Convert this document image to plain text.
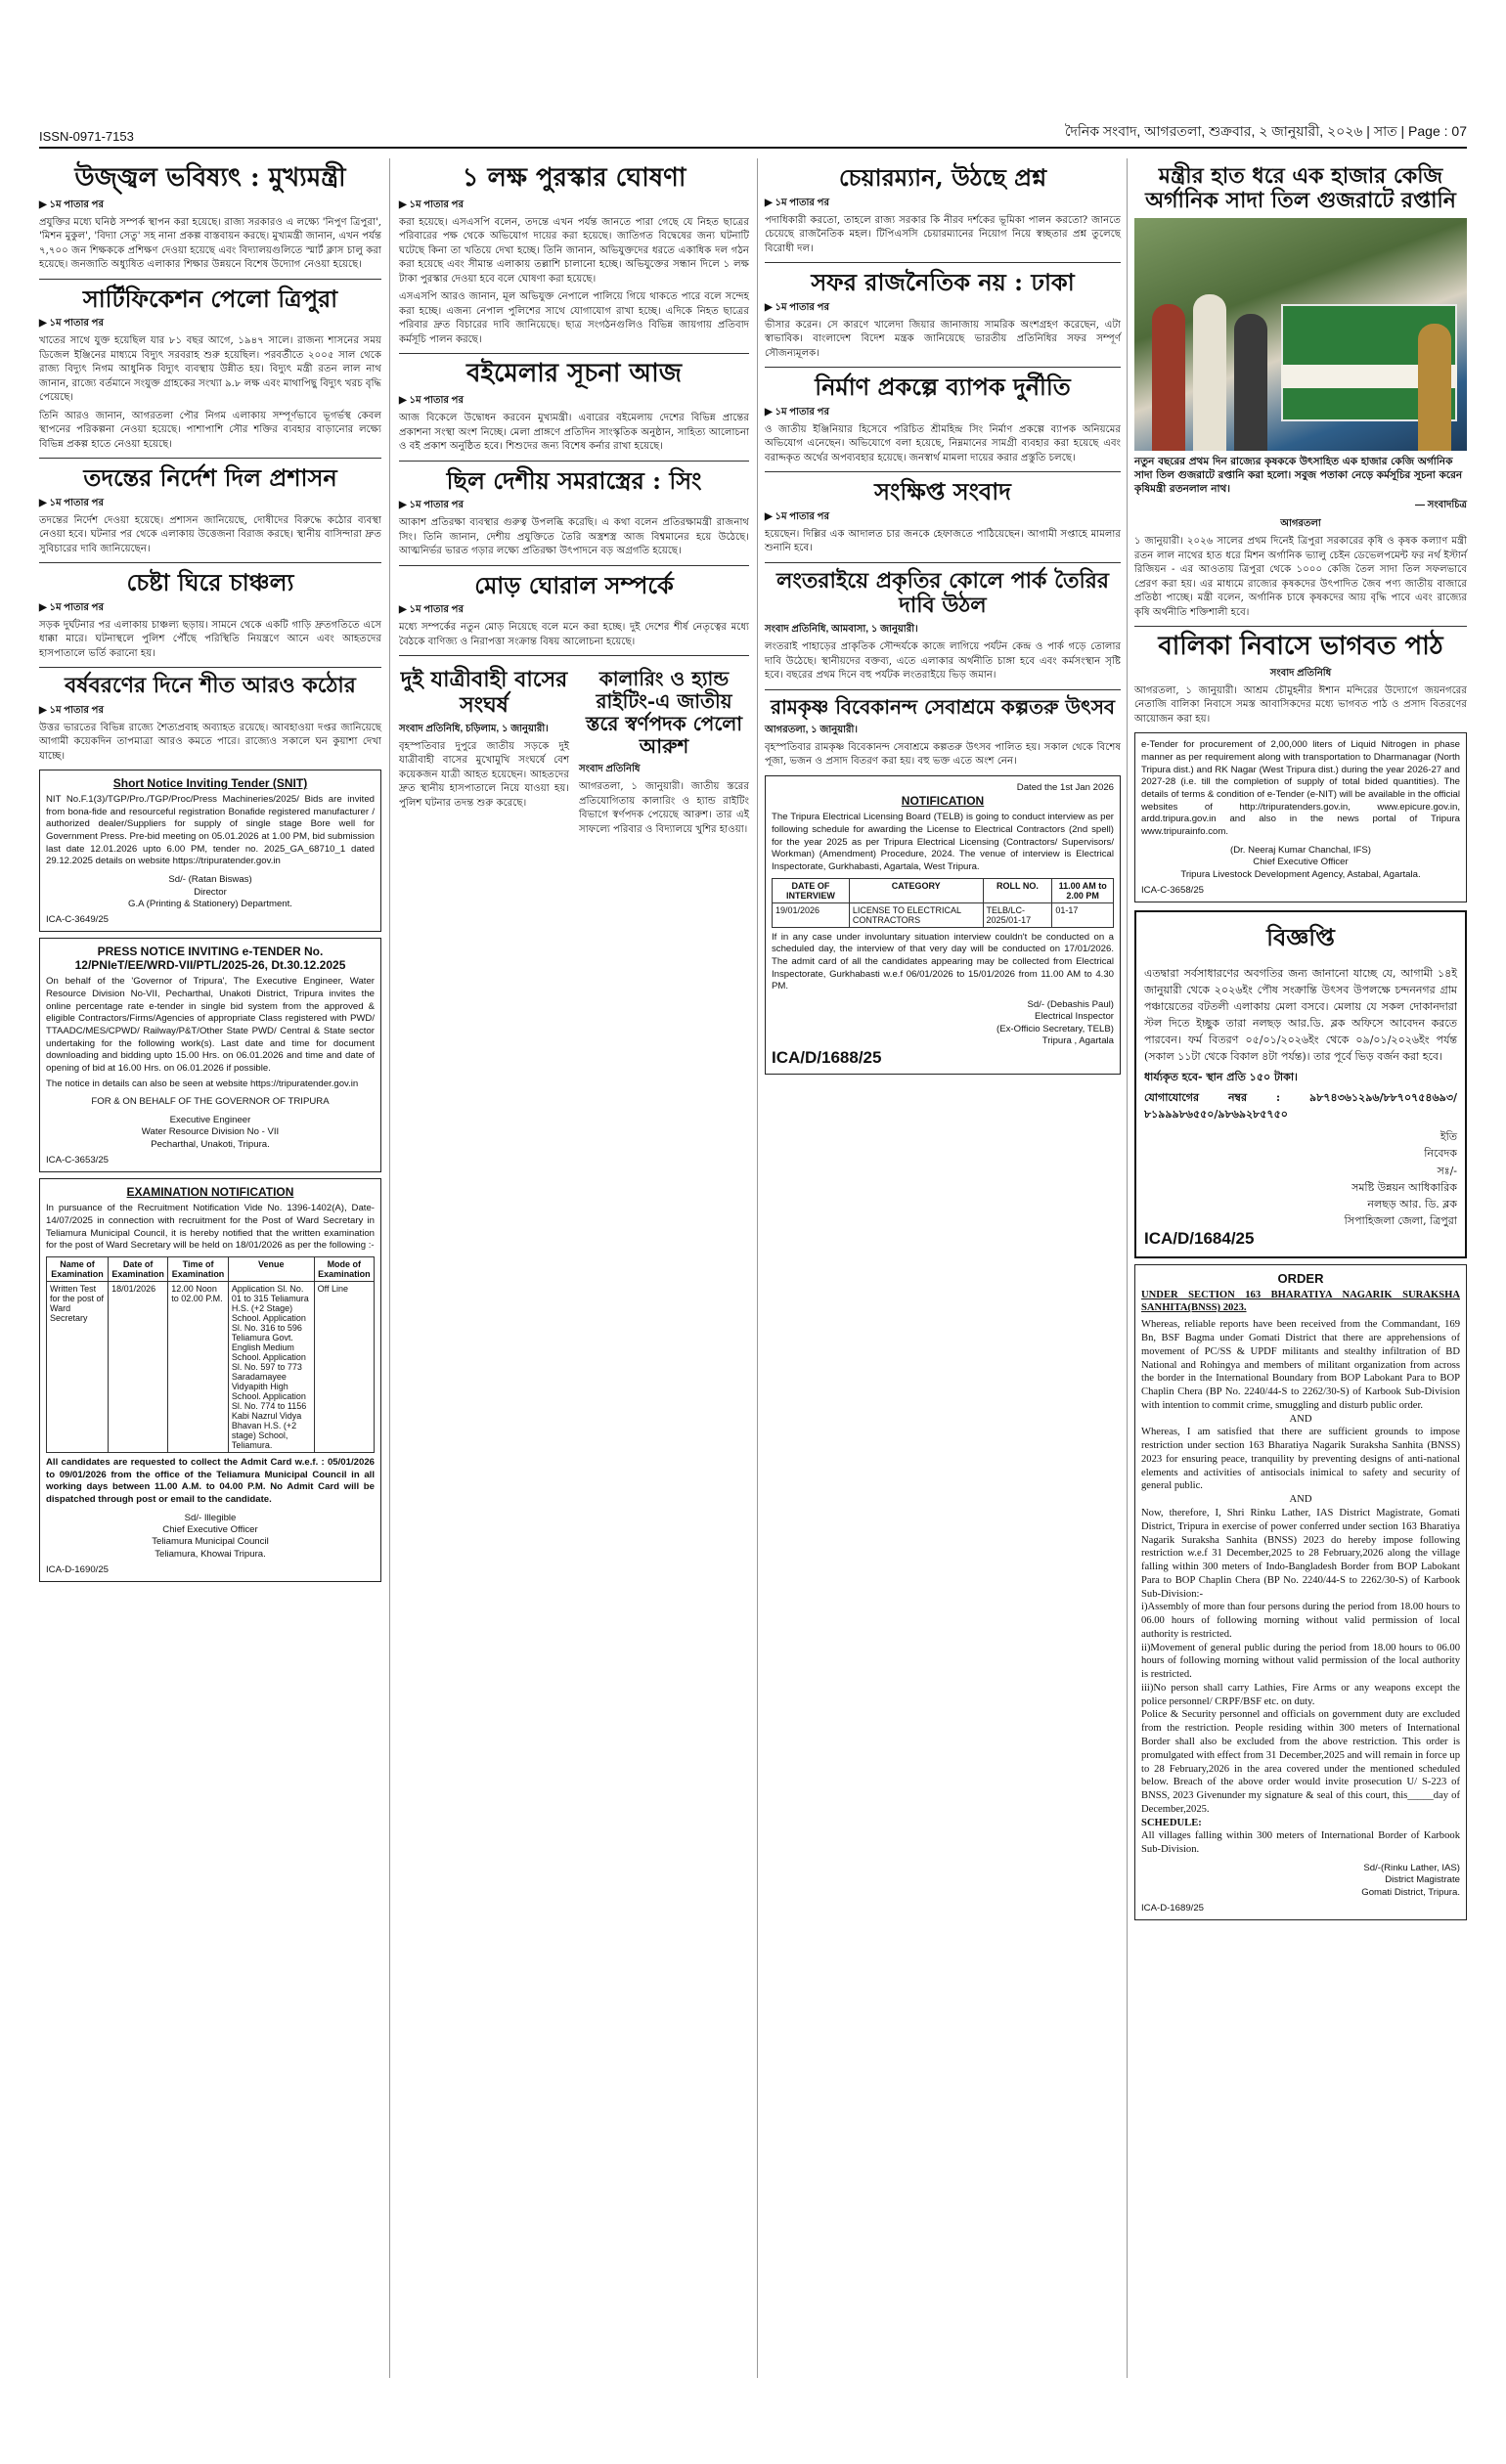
ISSN-0971-7153	দৈনিক সংবাদ, আগরতলা, শুক্রবার, ২ জানুয়ারী, ২০২৬ | সাত | Page : 07
উজ্জ্বল ভবিষ্যৎ : মুখ্যমন্ত্রী
▶ ১ম পাতার পর

প্রযুক্তির মধ্যে ঘনিষ্ঠ সম্পর্ক স্থাপন করা হয়েছে। রাজ্য সরকারও এ লক্ষ্যে 'নিপুণ ত্রিপুরা', 'মিশন মুকুল', 'বিদ্যা সেতু' সহ নানা প্রকল্প বাস্তবায়ন করছে। মুখ্যমন্ত্রী জানান, এখন পর্যন্ত ৭,৭০০ জন শিক্ষককে প্রশিক্ষণ দেওয়া হয়েছে এবং বিদ্যালয়গুলিতে স্মার্ট ক্লাস চালু করা হয়েছে। জনজাতি অধ্যুষিত এলাকার শিক্ষার উন্নয়নে বিশেষ উদ্যোগ নেওয়া হয়েছে।

সার্টিফিকেশন পেলো ত্রিপুরা
▶ ১ম পাতার পর

খাতের সাথে যুক্ত হয়েছিল যার ৮১ বছর আগে, ১৯৪৭ সালে। রাজন্য শাসনের সময় ডিজেল ইঞ্জিনের মাধ্যমে বিদ্যুৎ সরবরাহ শুরু হয়েছিল। পরবর্তীতে ২০০৫ সাল থেকে রাজ্য বিদ্যুৎ নিগম আধুনিক বিদ্যুৎ ব্যবস্থায় উন্নীত হয়। বিদ্যুৎ মন্ত্রী রতন লাল নাথ জানান, রাজ্যে বর্তমানে সংযুক্ত গ্রাহকের সংখ্যা ৯.৮ লক্ষ এবং মাথাপিছু বিদ্যুৎ খরচ বৃদ্ধি পেয়েছে।

তিনি আরও জানান, আগরতলা পৌর নিগম এলাকায় সম্পূর্ণভাবে ভূগর্ভস্থ কেবল স্থাপনের পরিকল্পনা নেওয়া হয়েছে। পাশাপাশি সৌর শক্তির ব্যবহার বাড়ানোর লক্ষ্যে বিভিন্ন প্রকল্প হাতে নেওয়া হয়েছে।

তদন্তের নির্দেশ দিল প্রশাসন
▶ ১ম পাতার পর

তদন্তের নির্দেশ দেওয়া হয়েছে। প্রশাসন জানিয়েছে, দোষীদের বিরুদ্ধে কঠোর ব্যবস্থা নেওয়া হবে। ঘটনার পর থেকে এলাকায় উত্তেজনা বিরাজ করছে। স্থানীয় বাসিন্দারা দ্রুত সুবিচারের দাবি জানিয়েছেন।

চেষ্টা ঘিরে চাঞ্চল্য
▶ ১ম পাতার পর

সড়ক দুর্ঘটনার পর এলাকায় চাঞ্চল্য ছড়ায়। সামনে থেকে একটি গাড়ি দ্রুতগতিতে এসে ধাক্কা মারে। ঘটনাস্থলে পুলিশ পৌঁছে পরিস্থিতি নিয়ন্ত্রণে আনে এবং আহতদের হাসপাতালে ভর্তি করানো হয়।

বর্ষবরণের দিনে শীত আরও কঠোর
▶ ১ম পাতার পর

উত্তর ভারতের বিভিন্ন রাজ্যে শৈত্যপ্রবাহ অব্যাহত রয়েছে। আবহাওয়া দপ্তর জানিয়েছে আগামী কয়েকদিন তাপমাত্রা আরও কমতে পারে। রাজ্যেও সকালে ঘন কুয়াশা দেখা যাচ্ছে।

Short Notice Inviting Tender (SNIT)
NIT No.F.1(3)/TGP/Pro./TGP/Proc/Press Machineries/2025/ Bids are invited from bona-fide and resourceful registration Bonafide registered manufacturer / authorized dealer/Suppliers for supply of single stage Bore well for Government Press. Pre-bid meeting on 05.01.2026 at 1.00 PM, bid submission last date 12.01.2026 upto 6.00 PM, tender no. 2025_GA_68710_1 dated 29.12.2025 details on website https://tripuratender.gov.in
Sd/- (Ratan Biswas)
Director
G.A (Printing & Stationery) Department.
ICA-C-3649/25
PRESS NOTICE INVITING e-TENDER No. 12/PNIeT/EE/WRD-VII/PTL/2025-26, Dt.30.12.2025
On behalf of the 'Governor of Tripura', The Executive Engineer, Water Resource Division No-VII, Pecharthal, Unakoti District, Tripura invites the online percentage rate e-tender in single bid system from the approved & eligible Contractors/Firms/Agencies of appropriate Class registered with PWD/ TTAADC/MES/CPWD/ Railway/P&T/Other State PWD/ Central & State sector undertaking for the following work(s). Last date and time for document downloading and bidding upto 15.00 Hrs. on 06.01.2026 and time and date of opening of bid at 16.00 Hrs. on 06.01.2026 if possible.
The notice in details can also be seen at website https://tripuratender.gov.in
FOR & ON BEHALF OF THE GOVERNOR OF TRIPURA
Executive Engineer
Water Resource Division No - VII
Pecharthal, Unakoti, Tripura.
ICA-C-3653/25
EXAMINATION NOTIFICATION
In pursuance of the Recruitment Notification Vide No. 1396-1402(A), Date- 14/07/2025 in connection with recruitment for the Post of Ward Secretary in Teliamura Municipal Council, it is hereby notified that the written examination for the post of Ward Secretary will be held on 18/01/2026 as per the following :-
Name of Examination	Date of Examination	Time of Examination	Venue	Mode of Examination
Written Test for the post of Ward Secretary	18/01/2026	12.00 Noon to 02.00 P.M.	Application Sl. No. 01 to 315 Teliamura H.S. (+2 Stage) School. Application Sl. No. 316 to 596 Teliamura Govt. English Medium School. Application Sl. No. 597 to 773 Saradamayee Vidyapith High School. Application Sl. No. 774 to 1156 Kabi Nazrul Vidya Bhavan H.S. (+2 stage) School, Teliamura.	Off Line
All candidates are requested to collect the Admit Card w.e.f. : 05/01/2026 to 09/01/2026 from the office of the Teliamura Municipal Council in all working days between 11.00 A.M. to 04.00 P.M. No Admit Card will be dispatched through post or email to the candidate.
Sd/- Illegible
Chief Executive Officer
Teliamura Municipal Council
Teliamura, Khowai Tripura.
ICA-D-1690/25
১ লক্ষ পুরস্কার ঘোষণা
▶ ১ম পাতার পর

করা হয়েছে। এসএসপি বলেন, তদন্তে এখন পর্যন্ত জানতে পারা গেছে যে নিহত ছাত্রের পরিবারের পক্ষ থেকে অভিযোগ দায়ের করা হয়েছে। জাতিগত বিদ্বেষের জন্য ঘটনাটি ঘটেছে কিনা তা খতিয়ে দেখা হচ্ছে। তিনি জানান, অভিযুক্তদের ধরতে একাধিক দল গঠন করা হয়েছে এবং সীমান্ত এলাকায় তল্লাশি চালানো হচ্ছে। অভিযুক্তের সন্ধান দিলে ১ লক্ষ টাকা পুরস্কার দেওয়া হবে বলে ঘোষণা করা হয়েছে।

এসএসপি আরও জানান, মূল অভিযুক্ত নেপালে পালিয়ে গিয়ে থাকতে পারে বলে সন্দেহ করা হচ্ছে। এজন্য নেপাল পুলিশের সাথে যোগাযোগ রাখা হচ্ছে। এদিকে নিহত ছাত্রের পরিবার দ্রুত বিচারের দাবি জানিয়েছে। ছাত্র সংগঠনগুলিও বিভিন্ন জায়গায় প্রতিবাদ কর্মসূচি পালন করছে।

বইমেলার সূচনা আজ
▶ ১ম পাতার পর

আজ বিকেলে উদ্বোধন করবেন মুখ্যমন্ত্রী। এবারের বইমেলায় দেশের বিভিন্ন প্রান্তের প্রকাশনা সংস্থা অংশ নিচ্ছে। মেলা প্রাঙ্গণে প্রতিদিন সাংস্কৃতিক অনুষ্ঠান, সাহিত্য আলোচনা ও বই প্রকাশ অনুষ্ঠিত হবে। শিশুদের জন্য বিশেষ কর্নার রাখা হয়েছে।

ছিল দেশীয় সমরাস্ত্রের : সিং
▶ ১ম পাতার পর

আকাশ প্রতিরক্ষা ব্যবস্থার গুরুত্ব উপলব্ধি করেছি। এ কথা বলেন প্রতিরক্ষামন্ত্রী রাজনাথ সিং। তিনি জানান, দেশীয় প্রযুক্তিতে তৈরি অস্ত্রশস্ত্র আজ বিশ্বমানের হয়ে উঠেছে। আত্মনির্ভর ভারত গড়ার লক্ষ্যে প্রতিরক্ষা উৎপাদনে বড় অগ্রগতি হয়েছে।

মোড় ঘোরাল সম্পর্কে
▶ ১ম পাতার পর

মধ্যে সম্পর্কের নতুন মোড় নিয়েছে বলে মনে করা হচ্ছে। দুই দেশের শীর্ষ নেতৃত্বের মধ্যে বৈঠকে বাণিজ্য ও নিরাপত্তা সংক্রান্ত বিষয় আলোচনা হয়েছে।

দুই যাত্রীবাহী বাসের সংঘর্ষ
সংবাদ প্রতিনিধি, চড়িলাম, ১ জানুয়ারী।

বৃহস্পতিবার দুপুরে জাতীয় সড়কে দুই যাত্রীবাহী বাসের মুখোমুখি সংঘর্ষে বেশ কয়েকজন যাত্রী আহত হয়েছেন। আহতদের দ্রুত স্থানীয় হাসপাতালে নিয়ে যাওয়া হয়। পুলিশ ঘটনার তদন্ত শুরু করেছে।

কালারিং ও হ্যান্ড রাইটিং-এ জাতীয় স্তরে স্বর্ণপদক পেলো আরুশ
সংবাদ প্রতিনিধি

আগরতলা, ১ জানুয়ারী। জাতীয় স্তরের প্রতিযোগিতায় কালারিং ও হ্যান্ড রাইটিং বিভাগে স্বর্ণপদক পেয়েছে আরুশ। তার এই সাফল্যে পরিবার ও বিদ্যালয়ে খুশির হাওয়া।

চেয়ারম্যান, উঠছে প্রশ্ন
▶ ১ম পাতার পর

পদাধিকারী করতো, তাহলে রাজ্য সরকার কি নীরব দর্শকের ভূমিকা পালন করতো? জানতে চেয়েছে রাজনৈতিক মহল। টিপিএসসি চেয়ারম্যানের নিয়োগ নিয়ে স্বচ্ছতার প্রশ্ন তুলেছে বিরোধী দল।

সফর রাজনৈতিক নয় : ঢাকা
▶ ১ম পাতার পর

ভীসার করেন। সে কারণে খালেদা জিয়ার জানাজায় সামরিক অংশগ্রহণ করেছেন, এটা স্বাভাবিক। বাংলাদেশ বিদেশ মন্ত্রক জানিয়েছে ভারতীয় প্রতিনিধির সফর সম্পূর্ণ সৌজন্যমূলক।

নির্মাণ প্রকল্পে ব্যাপক দুর্নীতি
▶ ১ম পাতার পর

ও জাতীয় ইঞ্জিনিয়ার হিসেবে পরিচিত শ্রীমহিন্দ্র সিং নির্মাণ প্রকল্পে ব্যাপক অনিয়মের অভিযোগ এনেছেন। অভিযোগে বলা হয়েছে, নিম্নমানের সামগ্রী ব্যবহার করা হয়েছে এবং বরাদ্দকৃত অর্থের অপব্যবহার হয়েছে। জনস্বার্থ মামলা দায়ের করার প্রস্তুতি চলছে।

সংক্ষিপ্ত সংবাদ
▶ ১ম পাতার পর

হয়েছেন। দিল্লির এক আদালত চার জনকে হেফাজতে পাঠিয়েছেন। আগামী সপ্তাহে মামলার শুনানি হবে।

লংতরাইয়ে প্রকৃতির কোলে পার্ক তৈরির দাবি উঠল
সংবাদ প্রতিনিধি, আমবাসা, ১ জানুয়ারী।

লংতরাই পাহাড়ের প্রাকৃতিক সৌন্দর্যকে কাজে লাগিয়ে পর্যটন কেন্দ্র ও পার্ক গড়ে তোলার দাবি উঠেছে। স্থানীয়দের বক্তব্য, এতে এলাকার অর্থনীতি চাঙ্গা হবে এবং কর্মসংস্থান সৃষ্টি হবে। বছরের প্রথম দিনে বহু পর্যটক লংতরাইয়ে ভিড় জমান।

রামকৃষ্ণ বিবেকানন্দ সেবাশ্রমে কল্পতরু উৎসব
আগরতলা, ১ জানুয়ারী।

বৃহস্পতিবার রামকৃষ্ণ বিবেকানন্দ সেবাশ্রমে কল্পতরু উৎসব পালিত হয়। সকাল থেকে বিশেষ পূজা, ভজন ও প্রসাদ বিতরণ করা হয়। বহু ভক্ত এতে অংশ নেন।

Dated the 1st Jan 2026
NOTIFICATION
The Tripura Electrical Licensing Board (TELB) is going to conduct interview as per following schedule for awarding the License to Electrical Contractors (2nd spell) for the year 2025 as per Tripura Electrical Licensing (Contractors/ Supervisors/ Workman) (Amendment) Procedure, 2024. The venue of interview is Electrical Inspectorate, Gurkhabasti, Agartala, West Tripura.
DATE OF INTERVIEW	CATEGORY	ROLL NO.	11.00 AM to 2.00 PM
19/01/2026	LICENSE TO ELECTRICAL CONTRACTORS	TELB/LC-2025/01-17	01-17
If in any case under involuntary situation interview couldn't be conducted on a scheduled day, the interview of that very day will be conducted on 17/01/2026. The admit card of all the candidates appearing may be collected from Electrical Inspectorate, Gurkhabasti w.e.f 06/01/2026 to 15/01/2026 from 11.00 AM to 4.30 PM.
Sd/- (Debashis Paul)
Electrical Inspector
(Ex-Officio Secretary, TELB)
Tripura , Agartala
ICA/D/1688/25
মন্ত্রীর হাত ধরে এক হাজার কেজি অর্গানিক সাদা তিল গুজরাটে রপ্তানি
নতুন বছরের প্রথম দিন রাজ্যের কৃষককে উৎসাহিত এক হাজার কেজি অর্গানিক সাদা তিল গুজরাটে রপ্তানি করা হলো। সবুজ পতাকা নেড়ে কর্মসূচির সূচনা করেন কৃষিমন্ত্রী রতনলাল নাথ।
— সংবাদচিত্র
আগরতলা

১ জানুয়ারী। ২০২৬ সালের প্রথম দিনেই ত্রিপুরা সরকারের কৃষি ও কৃষক কল্যাণ মন্ত্রী রতন লাল নাথের হাত ধরে মিশন অর্গানিক ভ্যালু চেইন ডেভেলপমেন্ট ফর নর্থ ইস্টার্ন রিজিয়ন - এর আওতায় ত্রিপুরা থেকে ১০০০ কেজি তৈল সাদা তিল সফলভাবে প্রেরণ করা হয়। এর মাধ্যমে রাজ্যের কৃষকদের উৎপাদিত জৈব পণ্য জাতীয় বাজারে প্রতিষ্ঠা পাচ্ছে। মন্ত্রী বলেন, অর্গানিক চাষে কৃষকদের আয় বৃদ্ধি পাবে এবং রাজ্যের কৃষি অর্থনীতি শক্তিশালী হবে।

বালিকা নিবাসে ভাগবত পাঠ
সংবাদ প্রতিনিধি

আগরতলা, ১ জানুয়ারী। আশ্রম চৌমুহনীর ঈশান মন্দিরের উদ্যোগে জয়নগরের নেতাজি বালিকা নিবাসে সমস্ত আবাসিকদের মধ্যে ভাগবত পাঠ ও প্রসাদ বিতরণের আয়োজন করা হয়।

e-Tender for procurement of 2,00,000 liters of Liquid Nitrogen in phase manner as per requirement along with transportation to Dharmanagar (North Tripura dist.) and RK Nagar (West Tripura dist.) during the year 2026-27 and 2027-28 (i.e. till the completion of supply of total bided quantities). The details of terms & condition of e-Tender (e-NIT) will be available in the official websites of http://tripuratenders.gov.in, www.epicure.gov.in, ardd.tripura.gov.in and also in the news portal of Tripura www.tripurainfo.com.
(Dr. Neeraj Kumar Chanchal, IFS)
Chief Executive Officer
Tripura Livestock Development Agency, Astabal, Agartala.
ICA-C-3658/25
বিজ্ঞপ্তি
এতদ্বারা সর্বসাধারণের অবগতির জন্য জানানো যাচ্ছে যে, আগামী ১৪ই জানুয়ারী থেকে ২০২৬ইং পৌষ সংক্রান্তি উৎসব উপলক্ষে চন্দননগর গ্রাম পঞ্চায়েতের বটতলী এলাকায় মেলা বসবে। মেলায় যে সকল দোকানদারা স্টল দিতে ইচ্ছুক তারা নলছড় আর.ডি. ব্লক অফিসে আবেদন করতে পারবেন। ফর্ম বিতরণ ০৫/০১/২০২৬ইং থেকে ০৯/০১/২০২৬ইং পর্যন্ত (সকাল ১১টা থেকে বিকাল ৪টা পর্যন্ত)। তার পূর্বে ভিড় বর্জন করা হবে।
ধার্য্যকৃত হবে- স্থান প্রতি ১৫০ টাকা।
যোগাযোগের নম্বর : ৯৮৭৪৩৬১২৯৬/৮৮৭০৭৫৪৬৯৩/ ৮১৯৯৯৮৬৫৫০/৯৮৬৯২৮৫৭৫০
ইতি
নিবেদক
সঃ/-
সমষ্টি উন্নয়ন আধিকারিক
নলছড় আর. ডি. ব্লক
সিপাহিজলা জেলা, ত্রিপুরা
ICA/D/1684/25
ORDER
UNDER SECTION 163 BHARATIYA NAGARIK SURAKSHA SANHITA(BNSS) 2023.
Whereas, reliable reports have been received from the Commandant, 169 Bn, BSF Bagma under Gomati District that there are apprehensions of movement of PC/SS & UPDF militants and stealthy infiltration of BD National and Rohingya and members of militant organization from across the border in the International Boundary from BOP Labokant Para to BOP Chaplin Chera (BP No. 2240/44-S to 2262/30-S) of Karbook Sub-Division with intention to commit crime, smuggling and disturb public order.
AND
Whereas, I am satisfied that there are sufficient grounds to impose restriction under section 163 Bharatiya Nagarik Suraksha Sanhita (BNSS) 2023 for ensuring peace, tranquility by preventing designs of anti-national elements and activities of antisocials inimical to safety and security of general public.
AND
Now, therefore, I, Shri Rinku Lather, IAS District Magistrate, Gomati District, Tripura in exercise of power conferred under section 163 Bharatiya Nagarik Suraksha Sanhita (BNSS) 2023 do hereby impose following restriction w.e.f 31 December,2025 to 28 February,2026 along the village falling within 300 meters of Indo-Bangladesh Border from BOP Labokant Para to BOP Chaplin Chera (BP No. 2240/44-S to 2262/30-S) of Karbook Sub-Division:-
i)Assembly of more than four persons during the period from 18.00 hours to 06.00 hours of following morning without valid permission of local authority is restricted.
ii)Movement of general public during the period from 18.00 hours to 06.00 hours of following morning without valid permission of the local authority is restricted.
iii)No person shall carry Lathies, Fire Arms or any weapons except the police personnel/ CRPF/BSF etc. on duty.
Police & Security personnel and officials on government duty are excluded from the restriction. People residing within 300 meters of International Border shall also be excluded from the above restriction. This order is promulgated with effect from 31 December,2025 and will remain in force up to 28 February,2026 in the area covered under the mentioned scheduled below. Breach of the above order would invite prosecution U/ S-223 of BNSS, 2023 Givenunder my signature & seal of this court, this_____day of December,2025.
SCHEDULE:
All villages falling within 300 meters of International Border of Karbook Sub-Division.
Sd/-(Rinku Lather, IAS)
District Magistrate
Gomati District, Tripura.
ICA-D-1689/25
